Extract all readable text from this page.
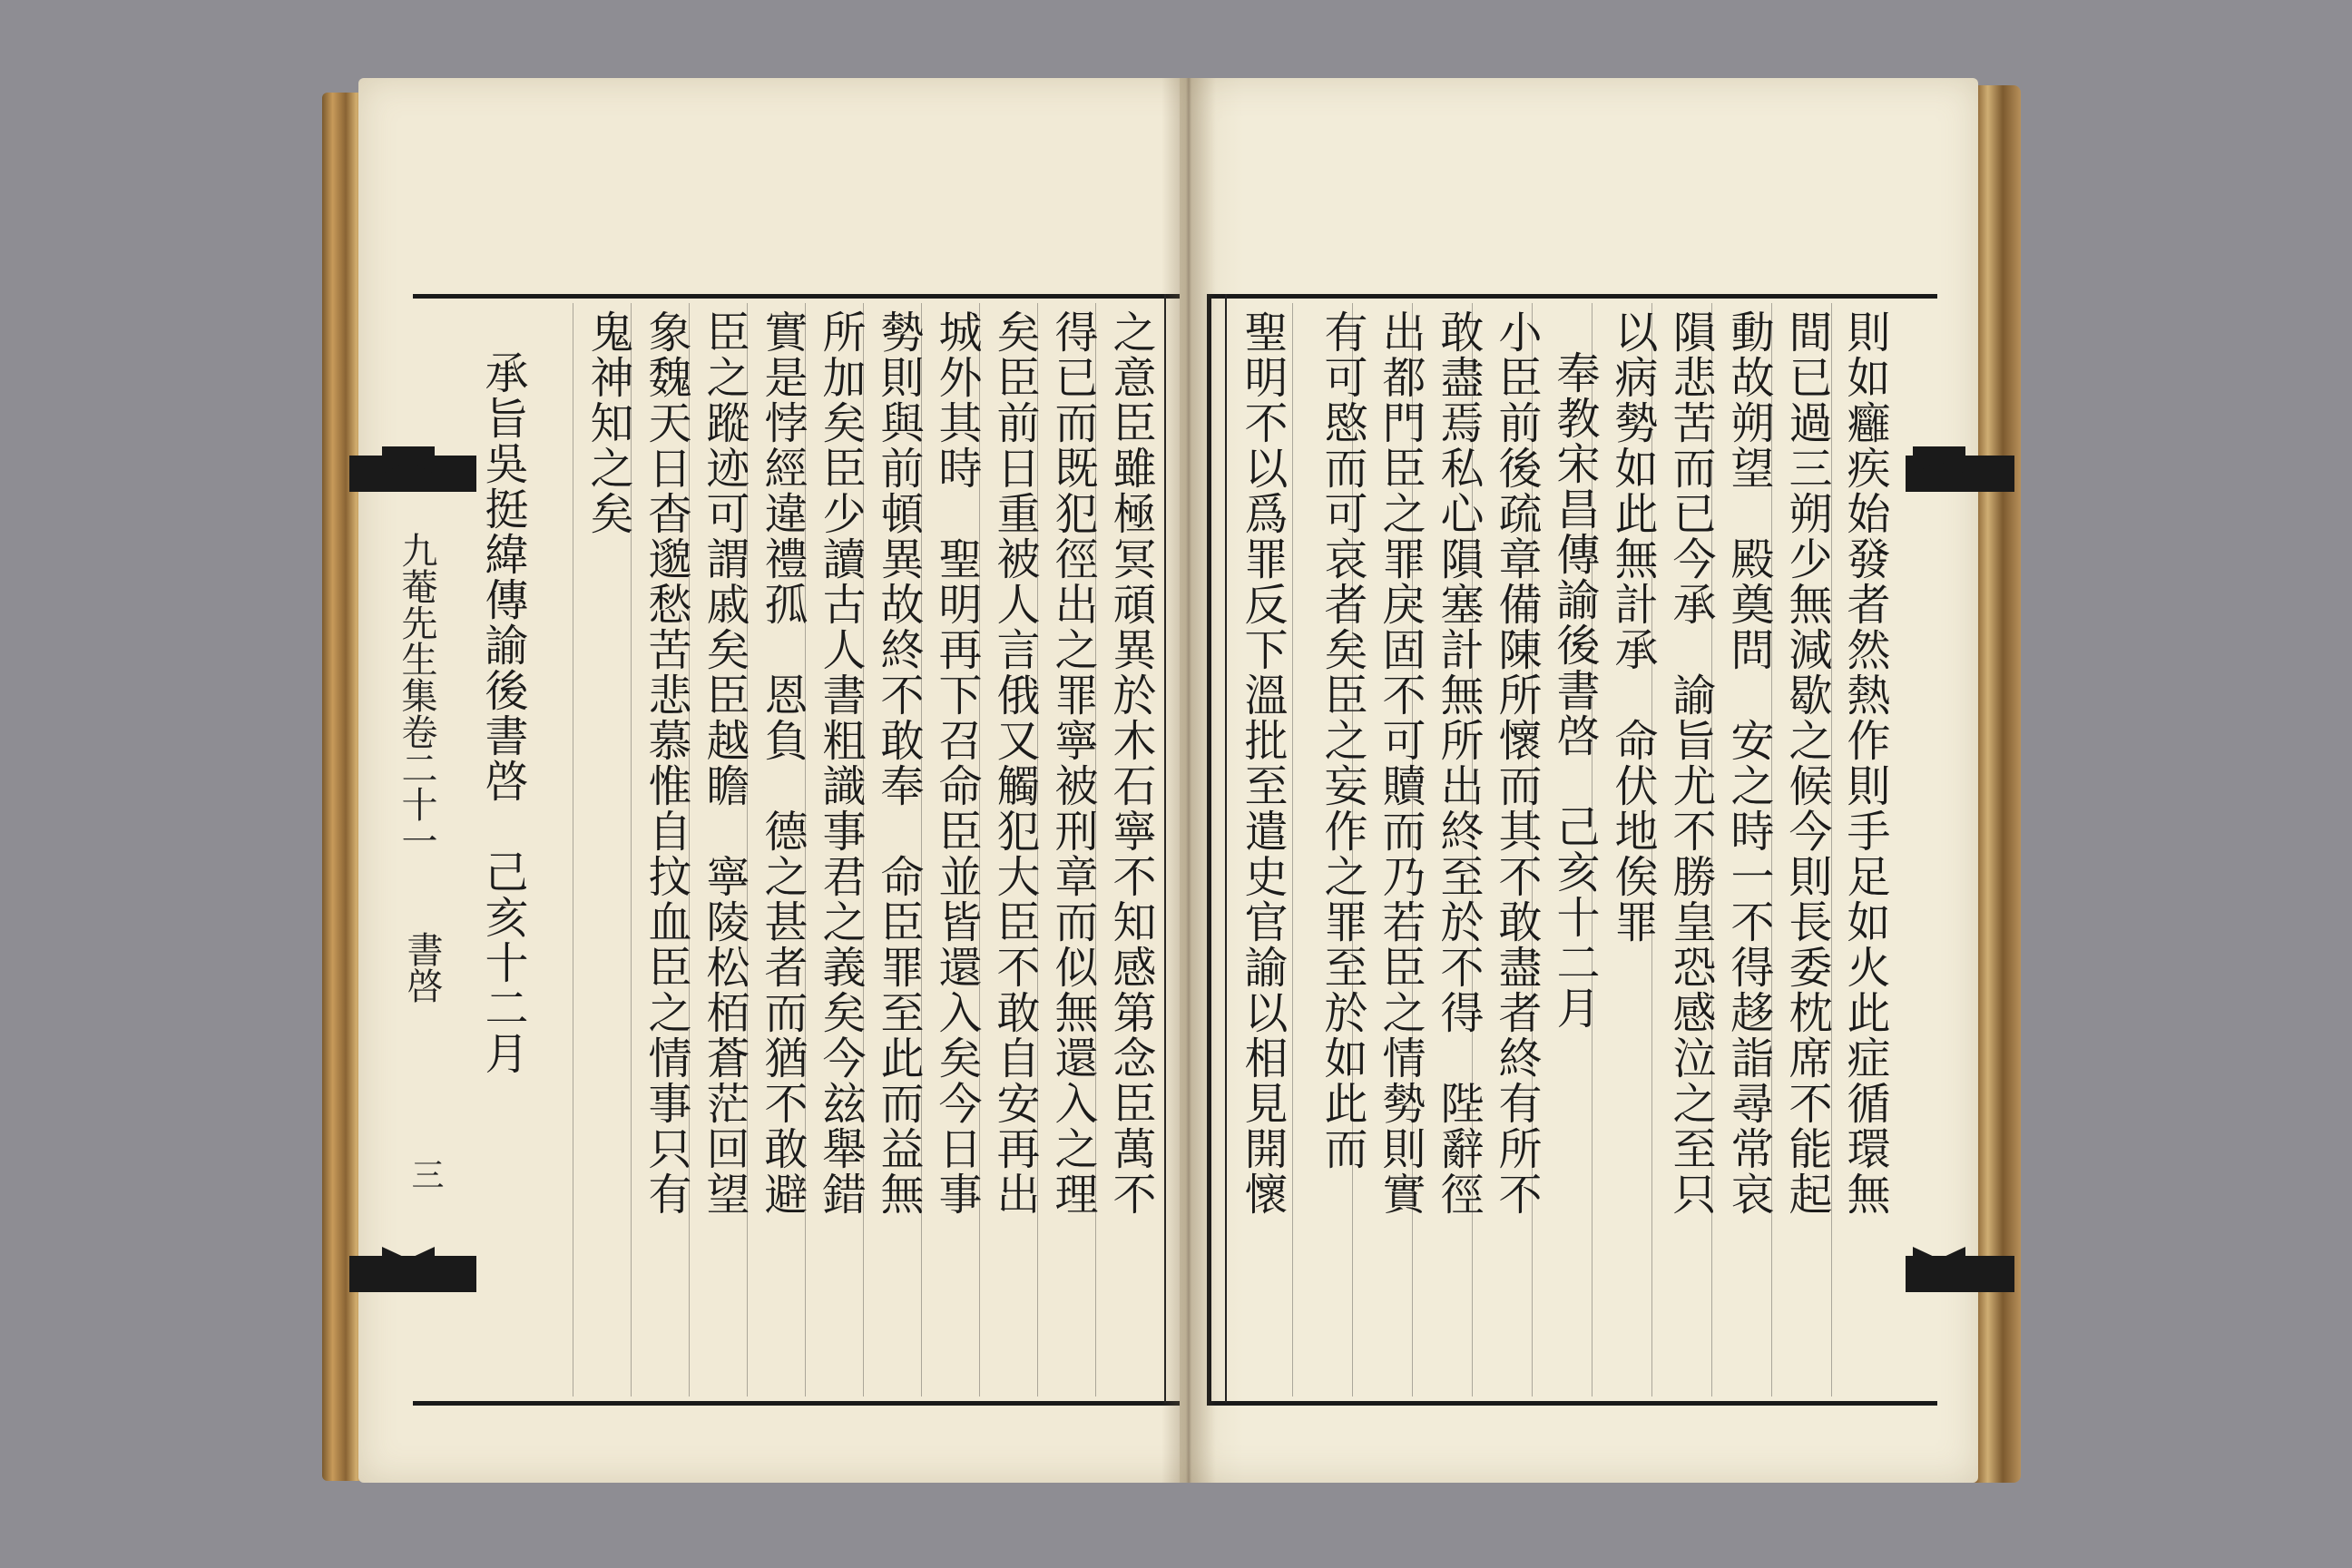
九菴先生集卷二十一
書啓
三	之意臣雖極冥頑異於木石寧不知感第念臣萬不
得已而既犯徑出之罪寧被刑章而似無還入之理
矣臣前日重被人言俄又觸犯大臣不敢自安再出
城外其時　聖明再下召命臣並皆還入矣今日事
勢則與前頓異故終不敢奉　命臣罪至此而益無
所加矣臣少讀古人書粗識事君之義矣今玆舉錯
實是悖經違禮孤　恩負　德之甚者而猶不敢避
臣之蹤迹可謂戚矣臣越瞻　寧陵松栢蒼茫回望
象魏天日杳邈愁苦悲慕惟自抆血臣之情事只有
鬼神知之矣
承旨吳挺緯傳諭後書啓　己亥十二月	則如癰疾始發者然熱作則手足如火此症循環無
間已過三朔少無減歇之候今則長委枕席不能起
動故朔望　殿奠問　安之時一不得趍詣尋常哀
隕悲苦而已今承　諭旨尤不勝皇恐感泣之至只
以病勢如此無計承　命伏地俟罪
奉教宋昌傳諭後書啓　己亥十二月
小臣前後疏章備陳所懷而其不敢盡者終有所不
敢盡焉私心隕塞計無所出終至於不得　陛辭徑
出都門臣之罪戾固不可贖而乃若臣之情勢則實
有可愍而可哀者矣臣之妄作之罪至於如此而
聖明不以爲罪反下溫批至遣史官諭以相見開懷
